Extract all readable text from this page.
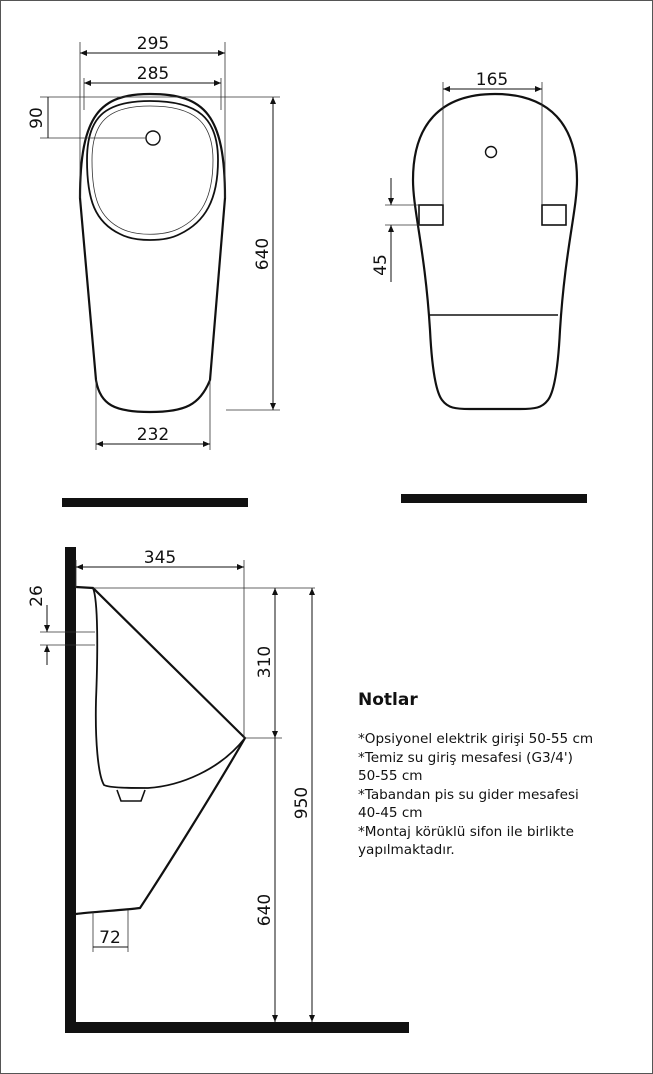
295
285
90
640
232
165
45
345
26
310
640
950
72
Notlar
*Opsiyonel elektrik girişi 50-55 cm
*Temiz su giriş mesafesi (G3/4')
50-55 cm
*Tabandan pis su gider mesafesi
40-45 cm
*Montaj körüklü sifon ile birlikte
yapılmaktadır.
